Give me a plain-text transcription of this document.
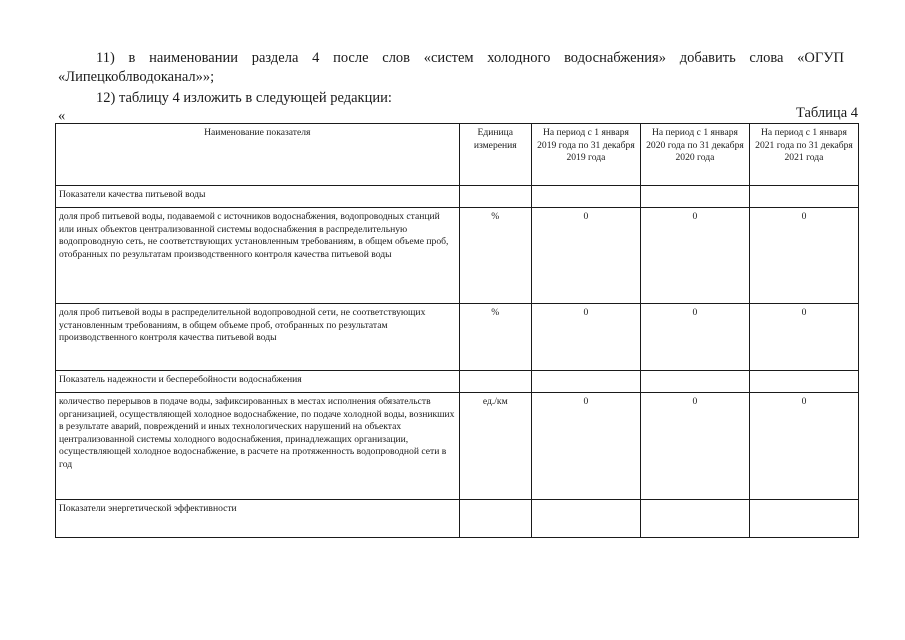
11) в наименовании раздела 4 после слов «систем холодного водоснабжения» добавить слова «ОГУП «Липецкоблводоканал»»;
12) таблицу 4 изложить в следующей редакции:
«	Таблица 4
Наименование показателя	Единица измерения	На период с 1 января 2019 года по 31 декабря 2019 года	На период с 1 января 2020 года по 31 декабря 2020 года	На период с 1 января 2021 года по 31 декабря 2021 года
Показатели качества питьевой воды				
доля проб питьевой воды, подаваемой с источников водоснабжения, водопроводных станций или иных объектов централизованной системы водоснабжения в распределительную водопроводную сеть, не соответствующих установленным требованиям, в общем объеме проб, отобранных по результатам производственного контроля качества питьевой воды	%	0	0	0
доля проб питьевой воды в распределительной водопроводной сети, не соответствующих установленным требованиям, в общем объеме проб, отобранных по результатам производственного контроля качества питьевой воды	%	0	0	0
Показатель надежности и бесперебойности водоснабжения				
количество перерывов в подаче воды, зафиксированных в местах исполнения обязательств организацией, осуществляющей холодное водоснабжение, по подаче холодной воды, возникших в результате аварий, повреждений и иных технологических нарушений на объектах централизованной системы холодного водоснабжения, принадлежащих организации, осуществляющей холодное водоснабжение, в расчете на протяженность водопроводной сети в год	ед./км	0	0	0
Показатели энергетической эффективности				
